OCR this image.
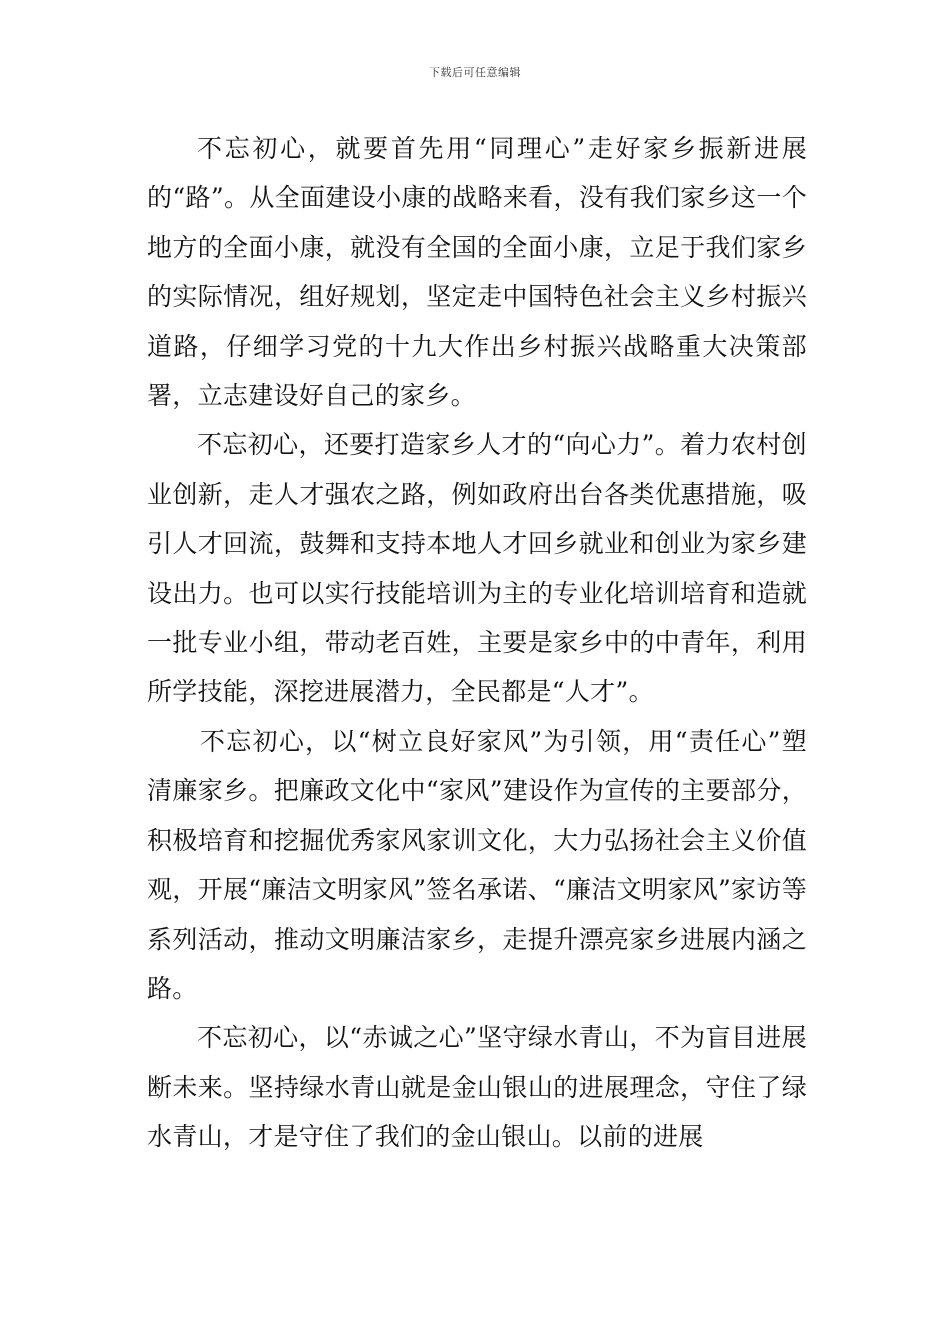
下载后可任意编辑

不忘初心，就要首先用“同理心”走好家乡振新进展的“路”。从全面建设小康的战略来看，没有我们家乡这一个地方的全面小康，就没有全国的全面小康，立足于我们家乡的实际情况，组好规划，坚定走中国特色社会主义乡村振兴道路，仔细学习党的十九大作出乡村振兴战略重大决策部署，立志建设好自己的家乡。

不忘初心，还要打造家乡人才的“向心力”。着力农村创业创新，走人才强农之路，例如政府出台各类优惠措施，吸引人才回流，鼓舞和支持本地人才回乡就业和创业为家乡建设出力。也可以实行技能培训为主的专业化培训培育和造就一批专业小组，带动老百姓，主要是家乡中的中青年，利用所学技能，深挖进展潜力，全民都是“人才”。

不忘初心，以“树立良好家风”为引领，用“责任心”塑清廉家乡。把廉政文化中“家风”建设作为宣传的主要部分，积极培育和挖掘优秀家风家训文化，大力弘扬社会主义价值观，开展“廉洁文明家风”签名承诺、“廉洁文明家风”家访等系列活动，推动文明廉洁家乡，走提升漂亮家乡进展内涵之路。

不忘初心，以“赤诚之心”坚守绿水青山，不为盲目进展断未来。坚持绿水青山就是金山银山的进展理念，守住了绿水青山，才是守住了我们的金山银山。以前的进展
